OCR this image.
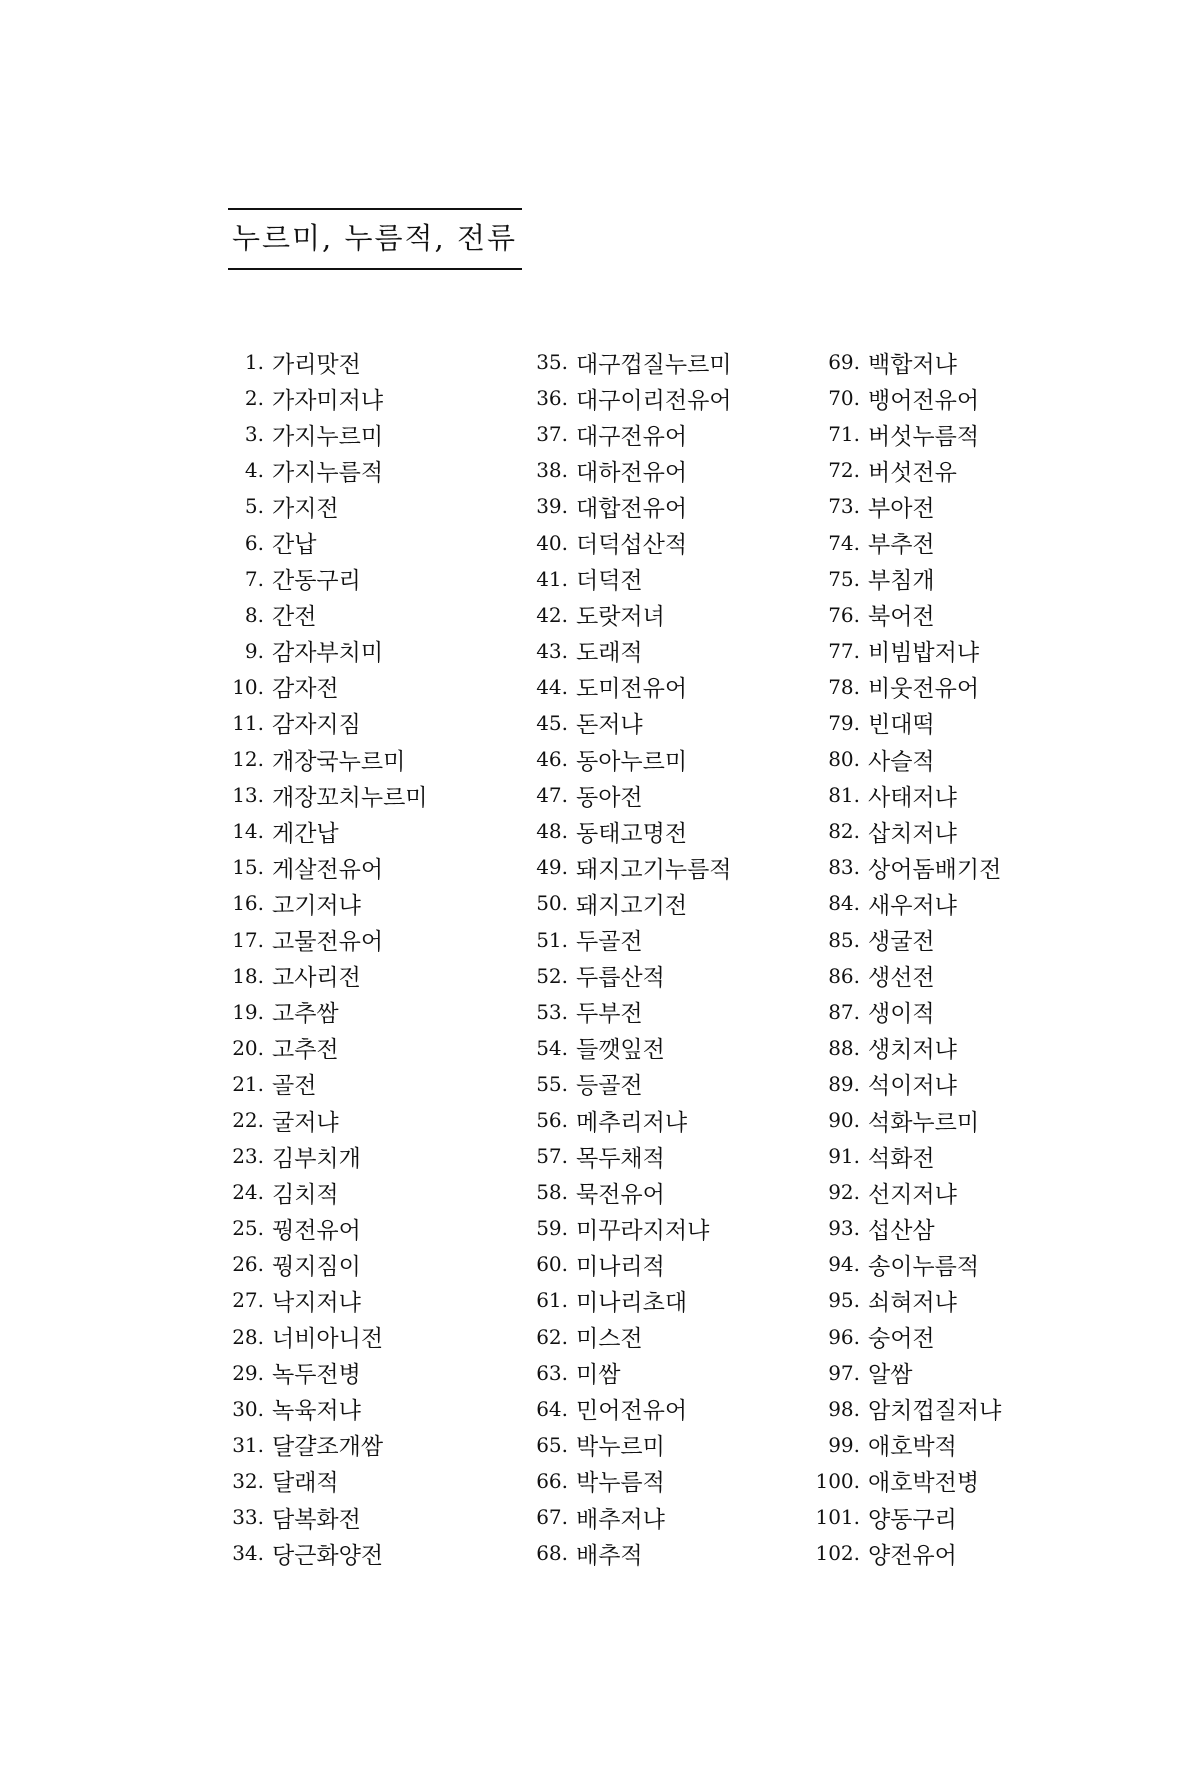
누르미, 누름적, 전류
1. 가리맛전
2. 가자미저냐
3. 가지누르미
4. 가지누름적
5. 가지전
6. 간납
7. 간동구리
8. 간전
9. 감자부치미
10. 감자전
11. 감자지짐
12. 개장국누르미
13. 개장꼬치누르미
14. 게간납
15. 게살전유어
16. 고기저냐
17. 고물전유어
18. 고사리전
19. 고추쌈
20. 고추전
21. 골전
22. 굴저냐
23. 김부치개
24. 김치적
25. 꿩전유어
26. 꿩지짐이
27. 낙지저냐
28. 너비아니전
29. 녹두전병
30. 녹육저냐
31. 달걀조개쌈
32. 달래적
33. 담복화전
34. 당근화양전
35. 대구껍질누르미
36. 대구이리전유어
37. 대구전유어
38. 대하전유어
39. 대합전유어
40. 더덕섭산적
41. 더덕전
42. 도랏저녀
43. 도래적
44. 도미전유어
45. 돈저냐
46. 동아누르미
47. 동아전
48. 동태고명전
49. 돼지고기누름적
50. 돼지고기전
51. 두골전
52. 두릅산적
53. 두부전
54. 들깻잎전
55. 등골전
56. 메추리저냐
57. 목두채적
58. 묵전유어
59. 미꾸라지저냐
60. 미나리적
61. 미나리초대
62. 미스전
63. 미쌈
64. 민어전유어
65. 박누르미
66. 박누름적
67. 배추저냐
68. 배추적
69. 백합저냐
70. 뱅어전유어
71. 버섯누름적
72. 버섯전유
73. 부아전
74. 부추전
75. 부침개
76. 북어전
77. 비빔밥저냐
78. 비웃전유어
79. 빈대떡
80. 사슬적
81. 사태저냐
82. 삽치저냐
83. 상어돔배기전
84. 새우저냐
85. 생굴전
86. 생선전
87. 생이적
88. 생치저냐
89. 석이저냐
90. 석화누르미
91. 석화전
92. 선지저냐
93. 섭산삼
94. 송이누름적
95. 쇠혀저냐
96. 숭어전
97. 알쌈
98. 암치껍질저냐
99. 애호박적
100. 애호박전병
101. 양동구리
102. 양전유어
